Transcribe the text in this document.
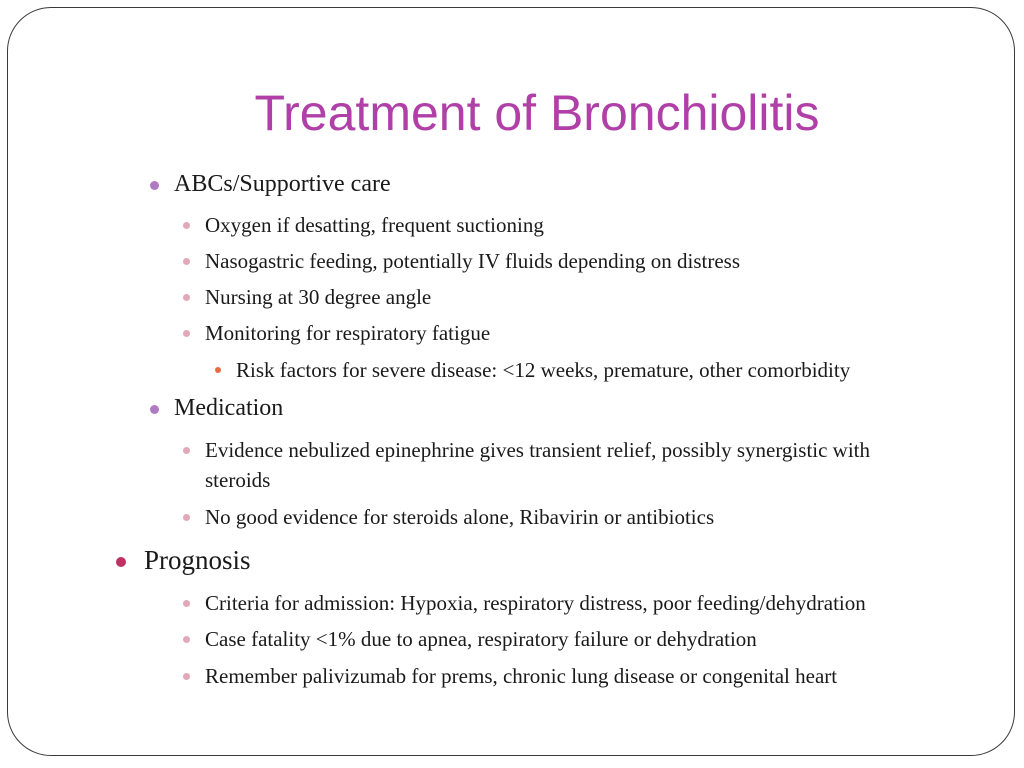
Treatment of Bronchiolitis

ABCs/Supportive care

Oxygen if desatting, frequent suctioning

Nasogastric feeding, potentially IV fluids depending on distress

Nursing at 30 degree angle

Monitoring for respiratory fatigue

Risk factors for severe disease: <12 weeks, premature, other comorbidity

Medication

Evidence nebulized epinephrine gives transient relief, possibly synergistic with

steroids

No good evidence for steroids alone, Ribavirin or antibiotics

Prognosis

Criteria for admission: Hypoxia, respiratory distress, poor feeding/dehydration

Case fatality <1% due to apnea, respiratory failure or dehydration

Remember palivizumab for prems, chronic lung disease or congenital heart
